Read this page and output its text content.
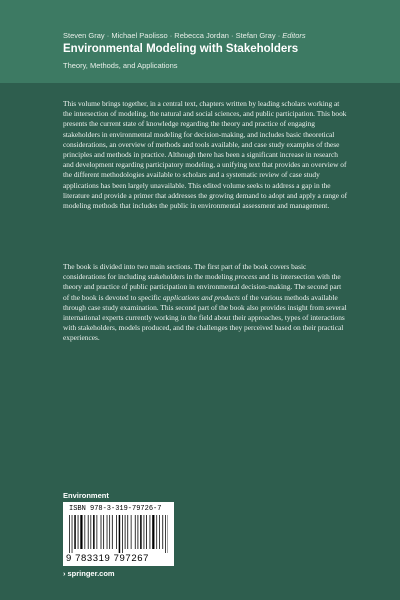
Steven Gray · Michael Paolisso · Rebecca Jordan · Stefan Gray · Editors
Environmental Modeling with Stakeholders
Theory, Methods, and Applications

This volume brings together, in a central text, chapters written by leading scholars working at the intersection of modeling, the natural and social sciences, and public participation. This book presents the current state of knowledge regarding the theory and practice of engaging stakeholders in environmental modeling for decision-making, and includes basic theoretical considerations, an overview of methods and tools available, and case study examples of these principles and methods in practice. Although there has been a significant increase in research and development regarding participatory modeling, a unifying text that provides an overview of the different methodologies available to scholars and a systematic review of case study applications has been largely unavailable. This edited volume seeks to address a gap in the literature and provide a primer that addresses the growing demand to adopt and apply a range of modeling methods that includes the public in environmental assessment and management.

The book is divided into two main sections. The first part of the book covers basic considerations for including stakeholders in the modeling process and its intersection with the theory and practice of public participation in environmental decision-making. The second part of the book is devoted to specific applications and products of the various methods available through case study examination. This second part of the book also provides insight from several international experts currently working in the field about their approaches, types of interactions with stakeholders, models produced, and the challenges they perceived based on their practical experiences.

Environment
ISBN 978-3-319-79726-7
9 783319 797267
› springer.com
